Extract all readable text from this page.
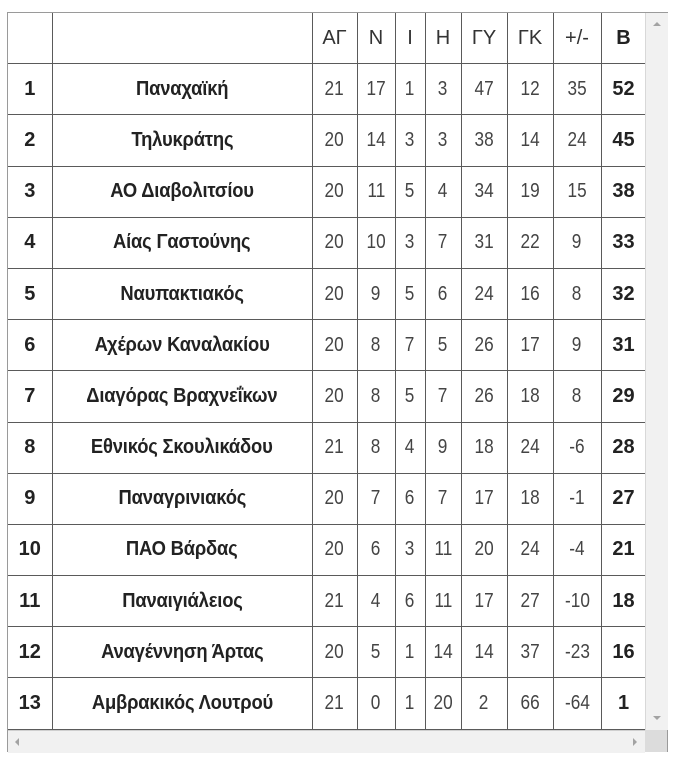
		ΑΓ	Ν	Ι	Η	ΓΥ	ΓΚ	+/-	Β
1	Παναχαϊκή	21	17	1	3	47	12	35	52
2	Τηλυκράτης	20	14	3	3	38	14	24	45
3	ΑΟ Διαβολιτσίου	20	11	5	4	34	19	15	38
4	Αίας Γαστούνης	20	10	3	7	31	22	9	33
5	Ναυπακτιακός	20	9	5	6	24	16	8	32
6	Αχέρων Καναλακίου	20	8	7	5	26	17	9	31
7	Διαγόρας Βραχνεΐκων	20	8	5	7	26	18	8	29
8	Εθνικός Σκουλικάδου	21	8	4	9	18	24	-6	28
9	Παναγρινιακός	20	7	6	7	17	18	-1	27
10	ΠΑΟ Βάρδας	20	6	3	11	20	24	-4	21
11	Παναιγιάλειος	21	4	6	11	17	27	-10	18
12	Αναγέννηση Άρτας	20	5	1	14	14	37	-23	16
13	Αμβρακικός Λουτρού	21	0	1	20	2	66	-64	1
